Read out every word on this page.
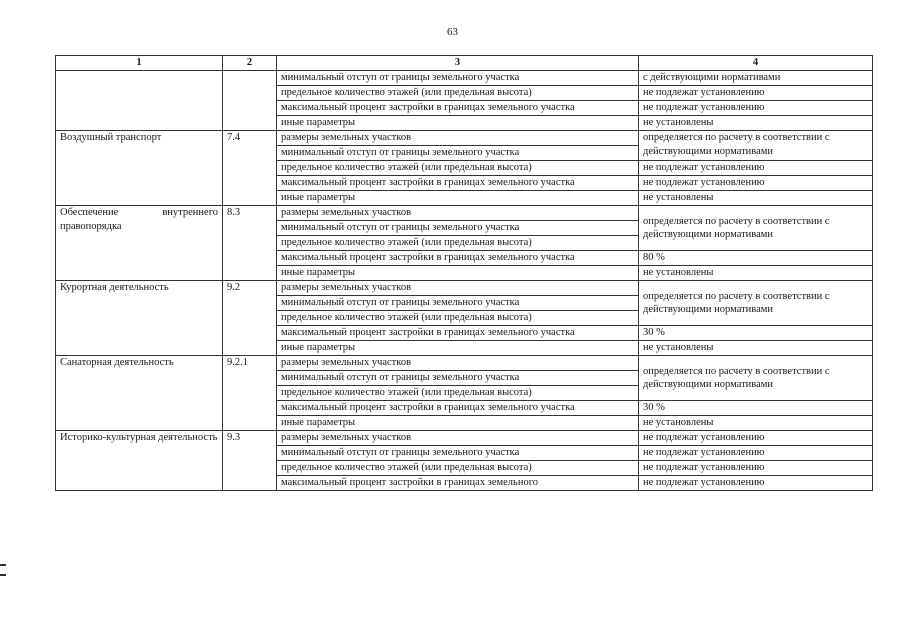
63
1	2	3	4
		минимальный отступ от границы земельного участка	с действующими нормативами
		предельное количество этажей (или предельная высота)	не подлежат установлению
		максимальный процент застройки в границах земельного участка	не подлежат установлению
		иные параметры	не установлены
Воздушный транспорт	7.4	размеры земельных участков	определяется по расчету в соответствии с действующими нормативами
		минимальный отступ от границы земельного участка	
		предельное количество этажей (или предельная высота)	не подлежат установлению
		максимальный процент застройки в границах земельного участка	не подлежат установлению
		иные параметры	не установлены
Обеспечение внутреннего правопорядка	8.3	размеры земельных участков	определяется по расчету в соответствии с действующими нормативами
		минимальный отступ от границы земельного участка	
		предельное количество этажей (или предельная высота)	
		максимальный процент застройки в границах земельного участка	80 %
		иные параметры	не установлены
Курортная деятельность	9.2	размеры земельных участков	определяется по расчету в соответствии с действующими нормативами
		минимальный отступ от границы земельного участка	
		предельное количество этажей (или предельная высота)	
		максимальный процент застройки в границах земельного участка	30 %
		иные параметры	не установлены
Санаторная деятельность	9.2.1	размеры земельных участков	определяется по расчету в соответствии с действующими нормативами
		минимальный отступ от границы земельного участка	
		предельное количество этажей (или предельная высота)	
		максимальный процент застройки в границах земельного участка	30 %
		иные параметры	не установлены
Историко-культурная деятельность	9.3	размеры земельных участков	не подлежат установлению
		минимальный отступ от границы земельного участка	не подлежат установлению
		предельное количество этажей (или предельная высота)	не подлежат установлению
		максимальный процент застройки в границах земельного	не подлежат установлению
